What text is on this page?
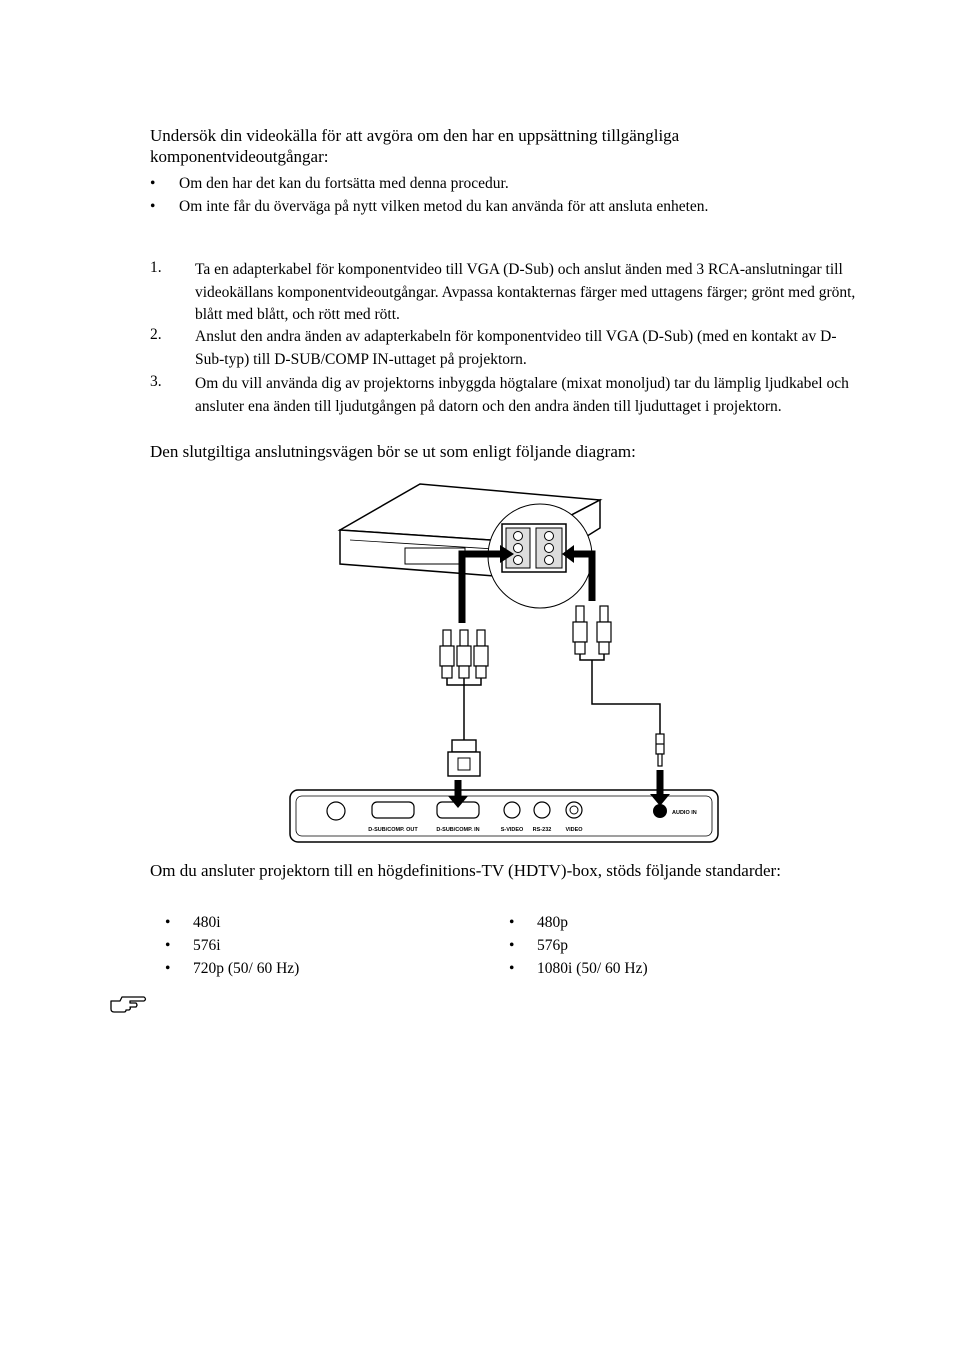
Undersök din videokälla för att avgöra om den har en uppsättning tillgängliga komponentvideoutgångar:
• Om den har det kan du fortsätta med denna procedur.
• Om inte får du överväga på nytt vilken metod du kan använda för att ansluta enheten.
1. Ta en adapterkabel för komponentvideo till VGA (D-Sub) och anslut änden med 3 RCA-anslutningar till videokällans komponentvideoutgångar. Avpassa kontakternas färger med uttagens färger; grönt med grönt, blått med blått, och rött med rött.
2. Anslut den andra änden av adapterkabeln för komponentvideo till VGA (D-Sub) (med en kontakt av D-Sub-typ) till D-SUB/COMP IN-uttaget på projektorn.
3. Om du vill använda dig av projektorns inbyggda högtalare (mixat monoljud) tar du lämplig ljudkabel och ansluter ena änden till ljudutgången på datorn och den andra änden till ljuduttaget i projektorn.
Den slutgiltiga anslutningsvägen bör se ut som enligt följande diagram:
D-SUB/COMP. OUT	D-SUB/COMP. IN	S-VIDEO RS-232	VIDEO
AUDIO IN
Om du ansluter projektorn till en högdefinitions-TV (HDTV)-box, stöds följande standarder:
• 480i
• 576i
• 720p (50/ 60 Hz)
• 480p
• 576p
• 1080i (50/ 60 Hz)
